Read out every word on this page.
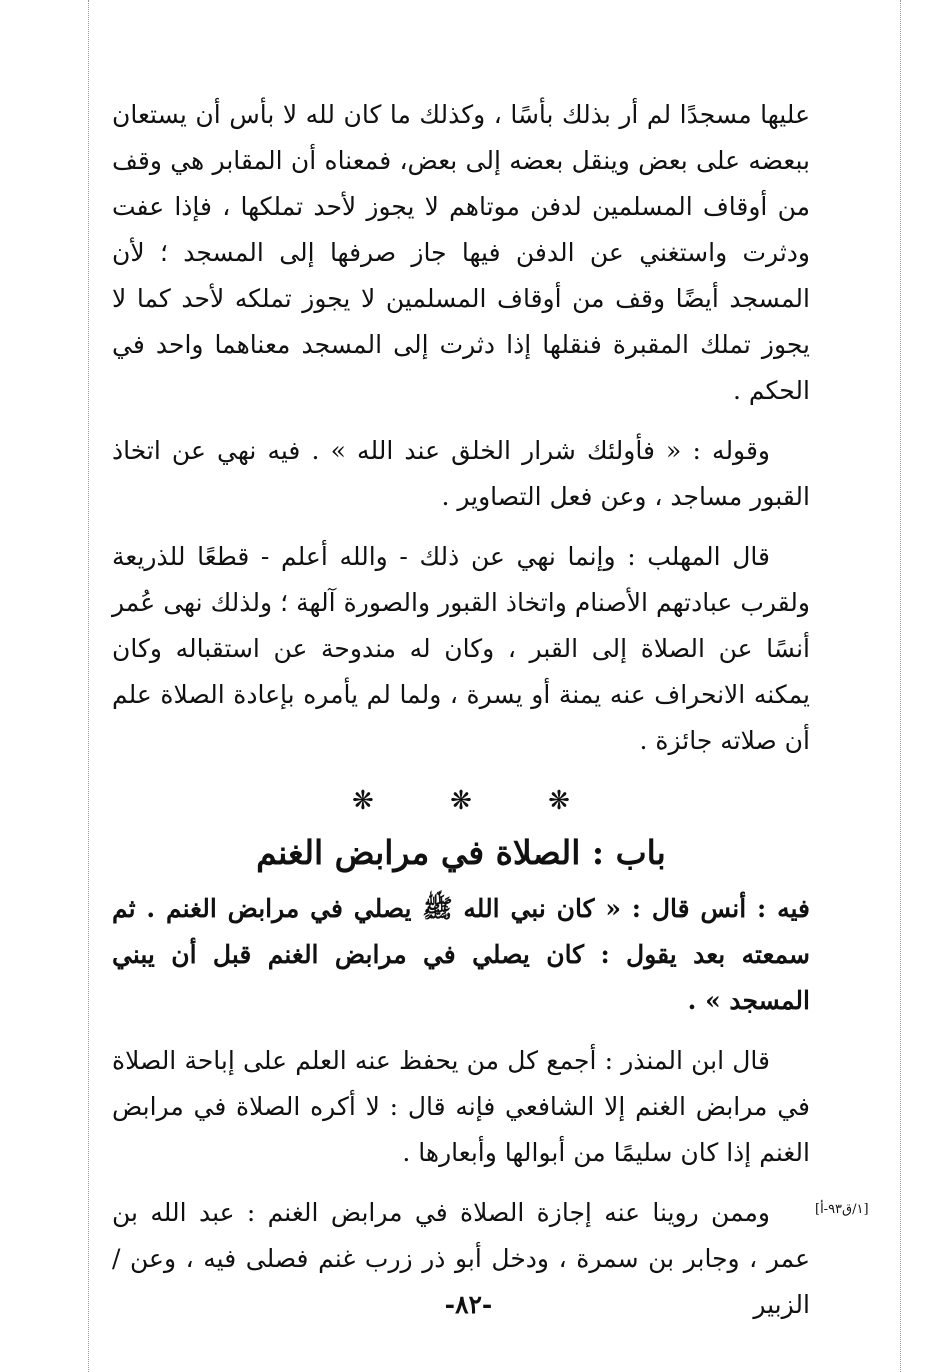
عليها مسجدًا لم أر بذلك بأسًا ، وكذلك ما كان لله لا بأس أن يستعان ببعضه على بعض وينقل بعضه إلى بعض، فمعناه أن المقابر هي وقف من أوقاف المسلمين لدفن موتاهم لا يجوز لأحد تملكها ، فإذا عفت ودثرت واستغني عن الدفن فيها جاز صرفها إلى المسجد ؛ لأن المسجد أيضًا وقف من أوقاف المسلمين لا يجوز تملكه لأحد كما لا يجوز تملك المقبرة فنقلها إذا دثرت إلى المسجد معناهما واحد في الحكم .

وقوله : « فأولئك شرار الخلق عند الله » . فيه نهي عن اتخاذ القبور مساجد ، وعن فعل التصاوير .

قال المهلب : وإنما نهي عن ذلك - والله أعلم - قطعًا للذريعة ولقرب عبادتهم الأصنام واتخاذ القبور والصورة آلهة ؛ ولذلك نهى عُمر أنسًا عن الصلاة إلى القبر ، وكان له مندوحة عن استقباله وكان يمكنه الانحراف عنه يمنة أو يسرة ، ولما لم يأمره بإعادة الصلاة علم أن صلاته جائزة .

❋	❋	❋
باب : الصلاة في مرابض الغنم

فيه : أنس قال : « كان نبي الله ﷺ يصلي في مرابض الغنم . ثم سمعته بعد يقول : كان يصلي في مرابض الغنم قبل أن يبني المسجد » .

قال ابن المنذر : أجمع كل من يحفظ عنه العلم على إباحة الصلاة في مرابض الغنم إلا الشافعي فإنه قال : لا أكره الصلاة في مرابض الغنم إذا كان سليمًا من أبوالها وأبعارها .

وممن روينا عنه إجازة الصلاة في مرابض الغنم : عبد الله بن عمر ، وجابر بن سمرة ، ودخل أبو ذر زرب غنم فصلى فيه ، وعن / الزبير

[١/ق٩٣-أ]
-٨٢-
